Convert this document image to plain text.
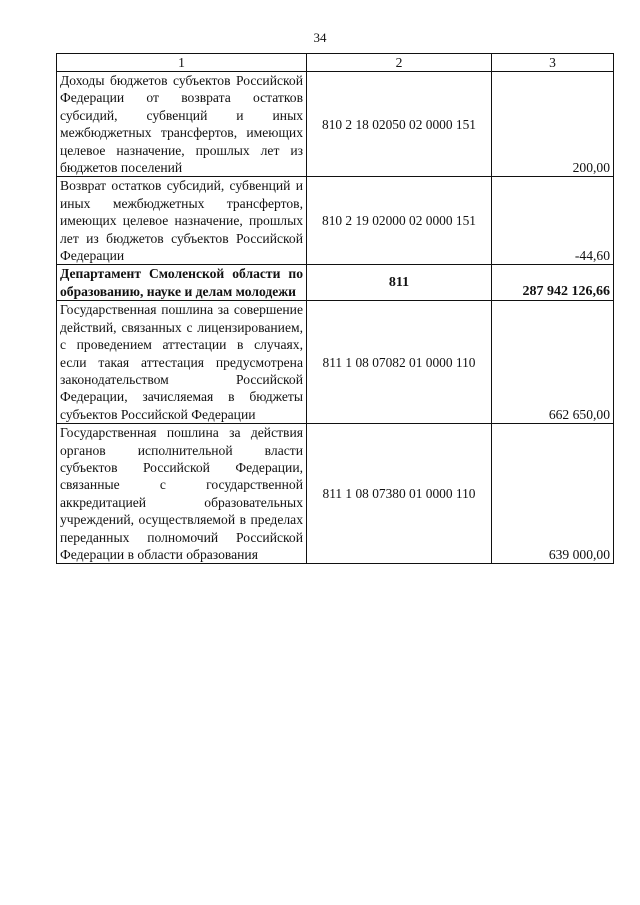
34
1	2	3
Доходы бюджетов субъектов Российской Федерации от возврата остатков субсидий, субвенций и иных межбюджетных трансфертов, имеющих целевое назначение, прошлых лет из бюджетов поселений	810 2 18 02050 02 0000 151	200,00
Возврат остатков субсидий, субвенций и иных межбюджетных трансфертов, имеющих целевое назначение, прошлых лет из бюджетов субъектов Российской Федерации	810 2 19 02000 02 0000 151	-44,60
Департамент Смоленской области по образованию, науке и делам молодежи	811	287 942 126,66
Государственная пошлина за совершение действий, связанных с лицензированием, с проведением аттестации в случаях, если такая аттестация предусмотрена законодательством Российской Федерации, зачисляемая в бюджеты субъектов Российской Федерации	811 1 08 07082 01 0000 110	662 650,00
Государственная пошлина за действия органов исполнительной власти субъектов Российской Федерации, связанные с государственной аккредитацией образовательных учреждений, осуществляемой в пределах переданных полномочий Российской Федерации в области образования	811 1 08 07380 01 0000 110	639 000,00
